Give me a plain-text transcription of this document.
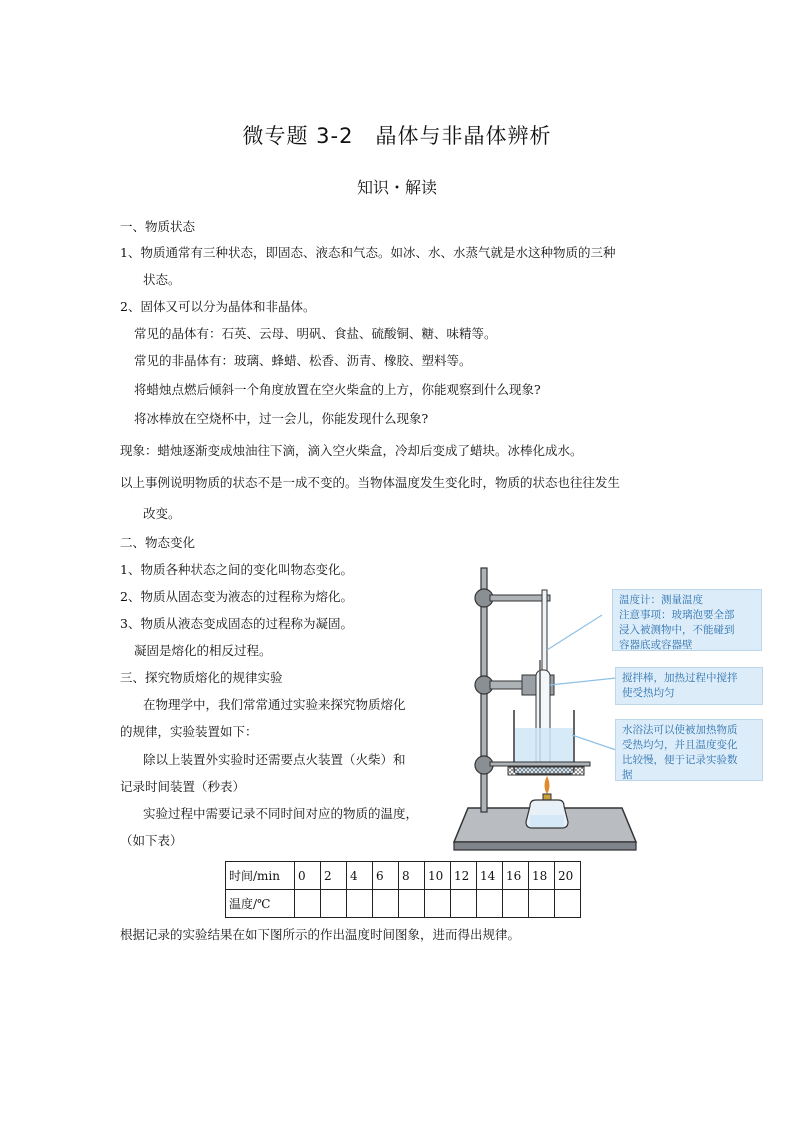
微专题 3-2　晶体与非晶体辨析
知识・解读
一、物质状态
1、物质通常有三种状态，即固态、液态和气态。如冰、水、水蒸气就是水这种物质的三种
状态。
2、固体又可以分为晶体和非晶体。
常见的晶体有：石英、云母、明矾、食盐、硫酸铜、糖、味精等。
常见的非晶体有：玻璃、蜂蜡、松香、沥青、橡胶、塑料等。
将蜡烛点燃后倾斜一个角度放置在空火柴盒的上方，你能观察到什么现象?
将冰棒放在空烧杯中，过一会儿，你能发现什么现象?
现象：蜡烛逐渐变成烛油往下滴，滴入空火柴盒，冷却后变成了蜡块。冰棒化成水。
以上事例说明物质的状态不是一成不变的。当物体温度发生变化时，物质的状态也往往发生
改变。
二、物态变化
1、物质各种状态之间的变化叫物态变化。
2、物质从固态变为液态的过程称为熔化。
3、物质从液态变成固态的过程称为凝固。
凝固是熔化的相反过程。
三、探究物质熔化的规律实验
在物理学中，我们常常通过实验来探究物质熔化
的规律，实验装置如下：
除以上装置外实验时还需要点火装置（火柴）和
记录时间装置（秒表）
实验过程中需要记录不同时间对应的物质的温度，
（如下表）
时间/min	0	2	4	6	8	10	12	14	16	18	20
温度/℃											
根据记录的实验结果在如下图所示的作出温度时间图象，进而得出规律。
温度计：测量温度
注意事项：玻璃泡要全部
浸入被测物中，不能碰到
容器底或容器壁
搅拌棒，加热过程中搅拌
使受热均匀
水浴法可以使被加热物质
受热均匀，并且温度变化
比较慢，便于记录实验数
据
